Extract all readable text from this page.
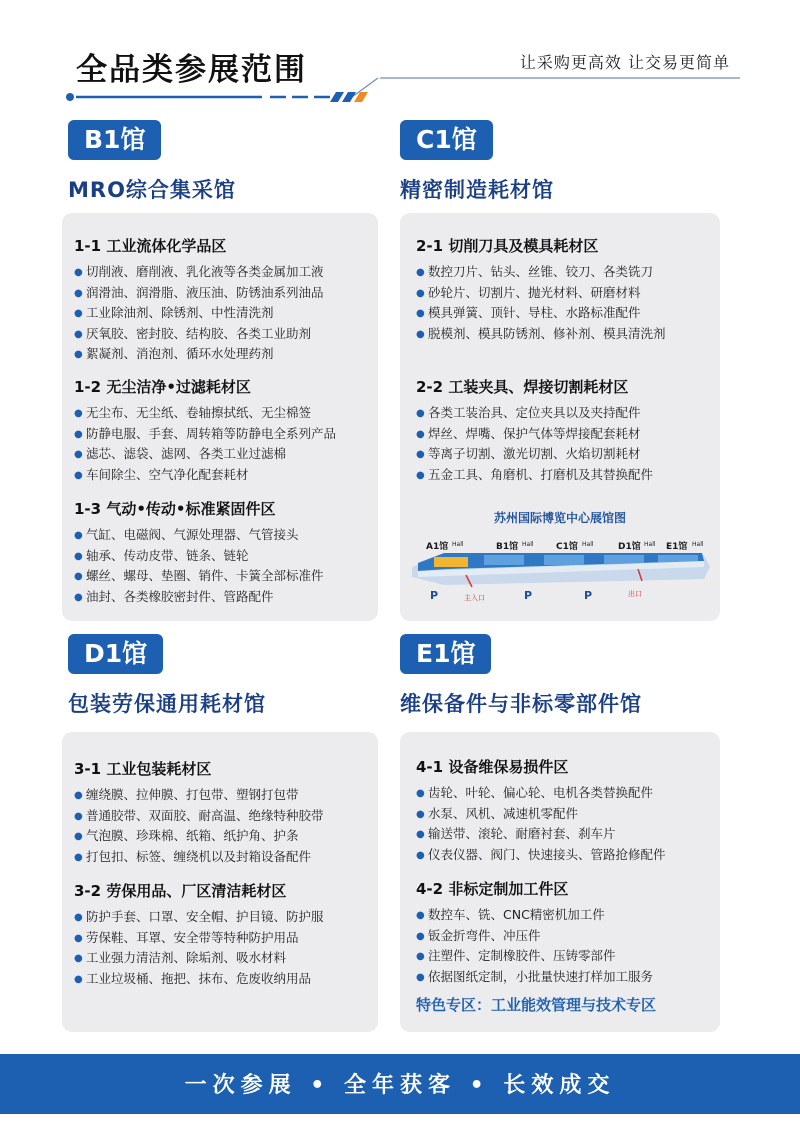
全品类参展范围	让采购更高效 让交易更简单
B1馆
MRO综合集采馆
1-1 工业流体化学品区
● 切削液、磨削液、乳化液等各类金属加工液
● 润滑油、润滑脂、液压油、防锈油系列油品
● 工业除油剂、除锈剂、中性清洗剂
● 厌氧胶、密封胶、结构胶、各类工业助剂
● 絮凝剂、消泡剂、循环水处理药剂
1-2 无尘洁净•过滤耗材区
● 无尘布、无尘纸、卷轴擦拭纸、无尘棉签
● 防静电服、手套、周转箱等防静电全系列产品
● 滤芯、滤袋、滤网、各类工业过滤棉
● 车间除尘、空气净化配套耗材
1-3 气动•传动•标准紧固件区
● 气缸、电磁阀、气源处理器、气管接头
● 轴承、传动皮带、链条、链轮
● 螺丝、螺母、垫圈、销件、卡簧全部标准件
● 油封、各类橡胶密封件、管路配件
C1馆
精密制造耗材馆
2-1 切削刀具及模具耗材区
● 数控刀片、钻头、丝锥、铰刀、各类铣刀
● 砂轮片、切割片、抛光材料、研磨材料
● 模具弹簧、顶针、导柱、水路标准配件
● 脱模剂、模具防锈剂、修补剂、模具清洗剂
2-2 工装夹具、焊接切割耗材区
● 各类工装治具、定位夹具以及夹持配件
● 焊丝、焊嘴、保护气体等焊接配套耗材
● 等离子切割、激光切割、火焰切割耗材
● 五金工具、角磨机、打磨机及其替换配件
苏州国际博览中心展馆图
A1馆 Hall	B1馆 Hall C1馆 Hall	D1馆 Hall E1馆 Hall
P	主入口	P	P	出口
D1馆
包装劳保通用耗材馆
3-1 工业包装耗材区
● 缠绕膜、拉伸膜、打包带、塑钢打包带
● 普通胶带、双面胶、耐高温、绝缘特种胶带
● 气泡膜、珍珠棉、纸箱、纸护角、护条
● 打包扣、标签、缠绕机以及封箱设备配件
3-2 劳保用品、厂区清洁耗材区
● 防护手套、口罩、安全帽、护目镜、防护服
● 劳保鞋、耳罩、安全带等特种防护用品
● 工业强力清洁剂、除垢剂、吸水材料
● 工业垃圾桶、拖把、抹布、危废收纳用品
E1馆
维保备件与非标零部件馆
4-1 设备维保易损件区
● 齿轮、叶轮、偏心轮、电机各类替换配件
● 水泵、风机、减速机零配件
● 输送带、滚轮、耐磨衬套、刹车片
● 仪表仪器、阀门、快速接头、管路抢修配件
4-2 非标定制加工件区
● 数控车、铣、CNC精密机加工件
● 钣金折弯件、冲压件
● 注塑件、定制橡胶件、压铸零部件
● 依据图纸定制，小批量快速打样加工服务
特色专区：工业能效管理与技术专区
一次参展 • 全年获客 • 长效成交
